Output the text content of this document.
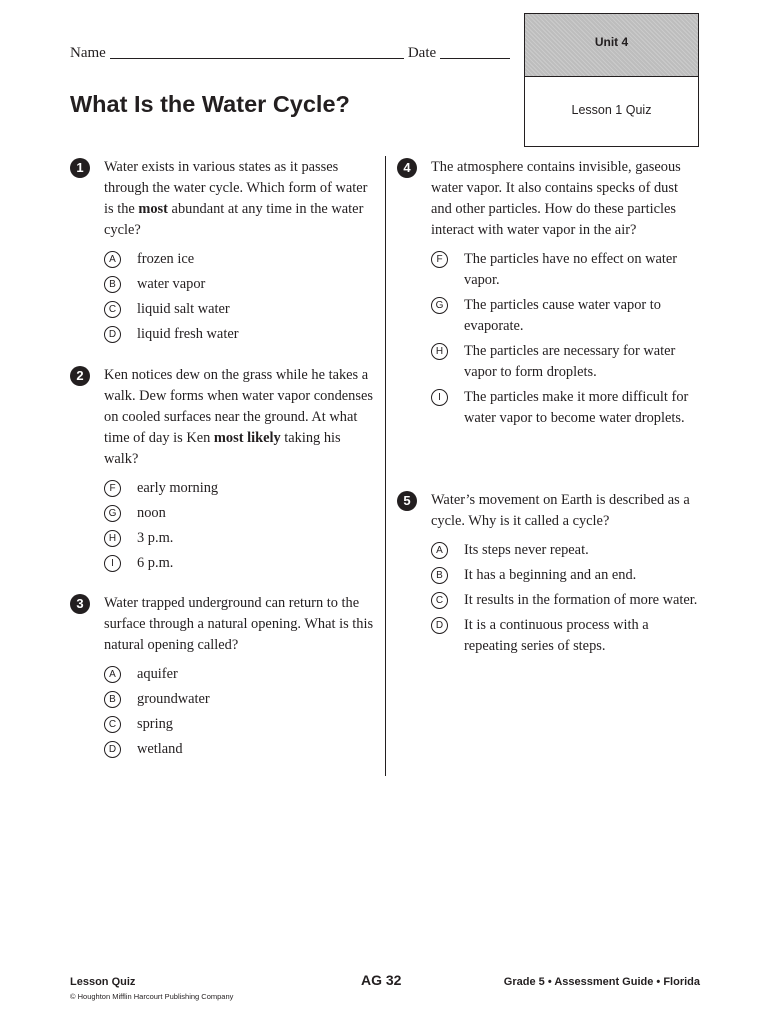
Unit 4
Lesson 1 Quiz
Name	Date
What Is the Water Cycle?
1	Water exists in various states as it passes through the water cycle. Which form of water is the most abundant at any time in the water cycle?

A	frozen ice
B	water vapor
C	liquid salt water
D	liquid fresh water
2	Ken notices dew on the grass while he takes a walk. Dew forms when water vapor condenses on cooled surfaces near the ground. At what time of day is Ken most likely taking his walk?

F	early morning
G	noon
H	3 p.m.
I	6 p.m.
3	Water trapped underground can return to the surface through a natural opening. What is this natural opening called?

A	aquifer
B	groundwater
C	spring
D	wetland
4	The atmosphere contains invisible, gaseous water vapor. It also contains specks of dust and other particles. How do these particles interact with water vapor in the air?

F	The particles have no effect on water vapor.
G	The particles cause water vapor to evaporate.
H	The particles are necessary for water vapor to form droplets.
I	The particles make it more difficult for water vapor to become water droplets.
5	Water’s movement on Earth is described as a cycle. Why is it called a cycle?

A	Its steps never repeat.
B	It has a beginning and an end.
C	It results in the formation of more water.
D	It is a continuous process with a repeating series of steps.
Lesson Quiz
© Houghton Mifflin Harcourt Publishing Company
AG 32	Grade 5 • Assessment Guide • Florida
